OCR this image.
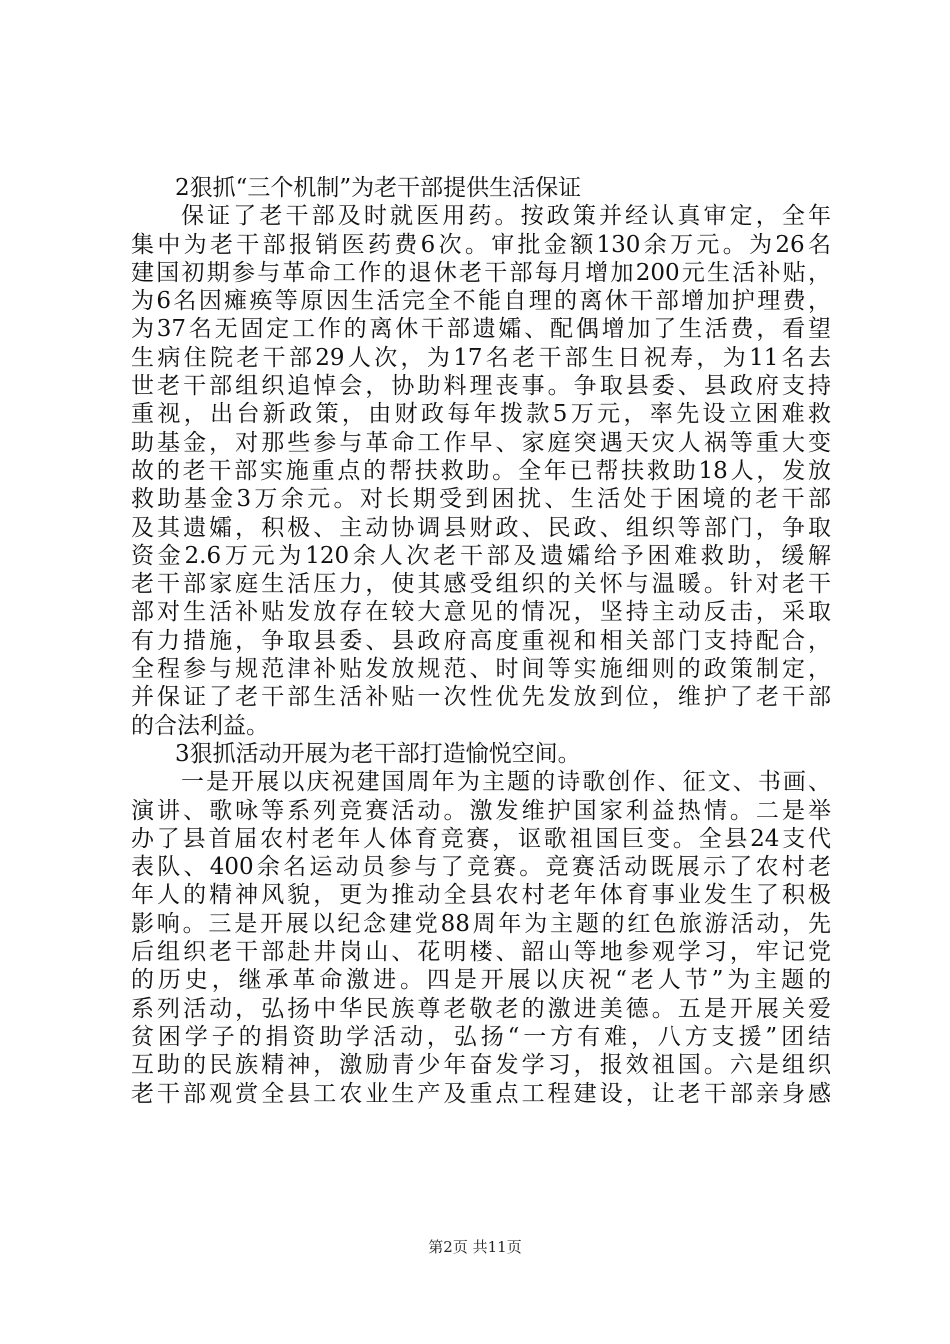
2狠抓“三个机制”为老干部提供生活保证
保证了老干部及时就医用药。按政策并经认真审定，全年
集中为老干部报销医药费6次。审批金额130余万元。为26名
建国初期参与革命工作的退休老干部每月增加200元生活补贴，
为6名因瘫痪等原因生活完全不能自理的离休干部增加护理费，
为37名无固定工作的离休干部遗孀、配偶增加了生活费，看望
生病住院老干部29人次，为17名老干部生日祝寿，为11名去
世老干部组织追悼会，协助料理丧事。争取县委、县政府支持
重视，出台新政策，由财政每年拨款5万元，率先设立困难救
助基金，对那些参与革命工作早、家庭突遇天灾人祸等重大变
故的老干部实施重点的帮扶救助。全年已帮扶救助18人，发放
救助基金3万余元。对长期受到困扰、生活处于困境的老干部
及其遗孀，积极、主动协调县财政、民政、组织等部门，争取
资金2.6万元为120余人次老干部及遗孀给予困难救助，缓解
老干部家庭生活压力，使其感受组织的关怀与温暖。针对老干
部对生活补贴发放存在较大意见的情况，坚持主动反击，采取
有力措施，争取县委、县政府高度重视和相关部门支持配合，
全程参与规范津补贴发放规范、时间等实施细则的政策制定，
并保证了老干部生活补贴一次性优先发放到位，维护了老干部
的合法利益。
3狠抓活动开展为老干部打造愉悦空间。
一是开展以庆祝建国周年为主题的诗歌创作、征文、书画、
演讲、歌咏等系列竞赛活动。激发维护国家利益热情。二是举
办了县首届农村老年人体育竞赛，讴歌祖国巨变。全县24支代
表队、400余名运动员参与了竞赛。竞赛活动既展示了农村老
年人的精神风貌，更为推动全县农村老年体育事业发生了积极
影响。三是开展以纪念建党88周年为主题的红色旅游活动，先
后组织老干部赴井岗山、花明楼、韶山等地参观学习，牢记党
的历史，继承革命激进。四是开展以庆祝“老人节”为主题的
系列活动，弘扬中华民族尊老敬老的激进美德。五是开展关爱
贫困学子的捐资助学活动，弘扬“一方有难，八方支援”团结
互助的民族精神，激励青少年奋发学习，报效祖国。六是组织
老干部观赏全县工农业生产及重点工程建设，让老干部亲身感
第2页 共11页
